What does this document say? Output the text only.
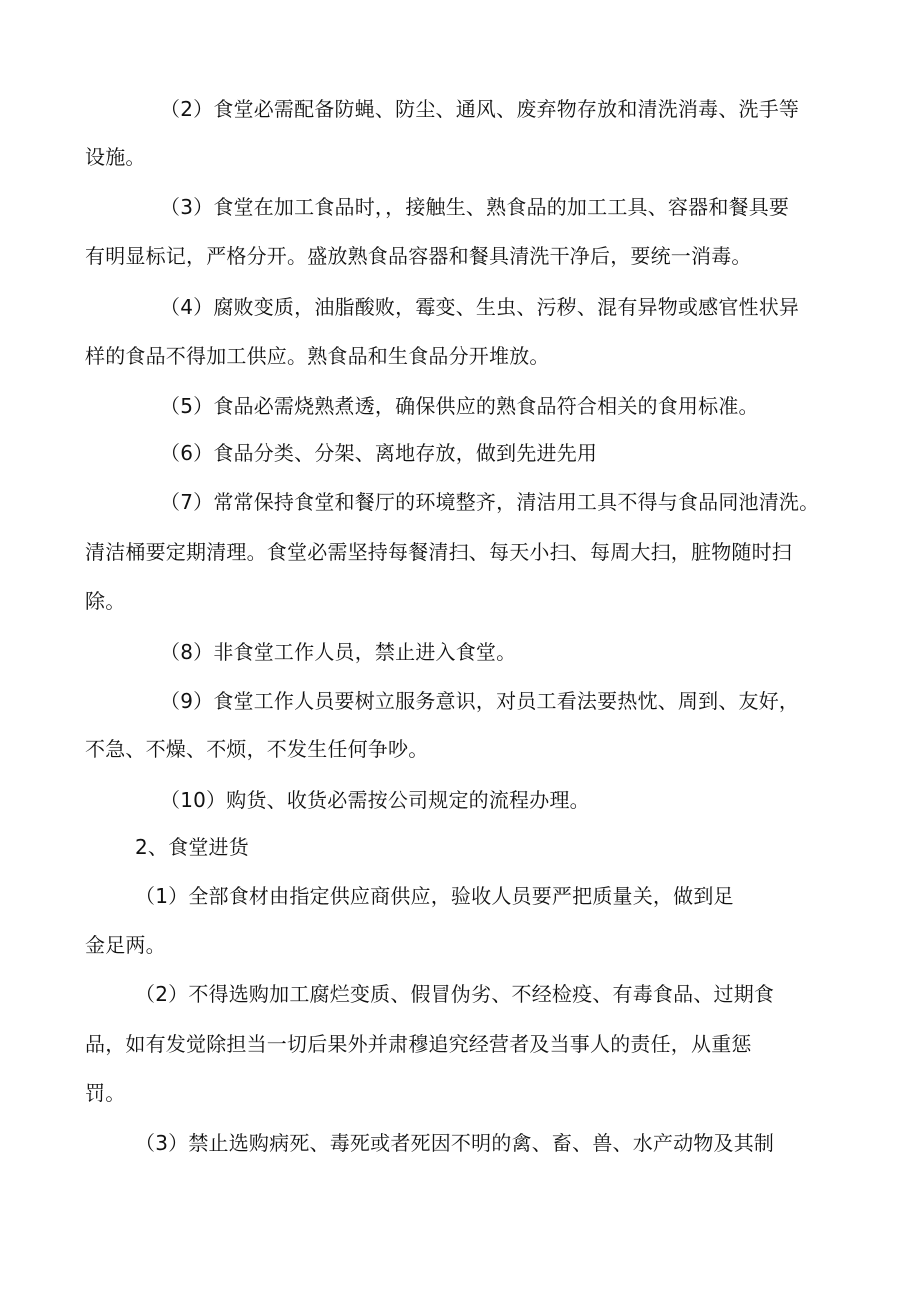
（2）食堂必需配备防蝇、防尘、通风、废弃物存放和清洗消毒、洗手等
设施。
（3）食堂在加工食品时，，接触生、熟食品的加工工具、容器和餐具要
有明显标记，严格分开。盛放熟食品容器和餐具清洗干净后，要统一消毒。
（4）腐败变质，油脂酸败，霉变、生虫、污秽、混有异物或感官性状异
样的食品不得加工供应。熟食品和生食品分开堆放。
（5）食品必需烧熟煮透，确保供应的熟食品符合相关的食用标准。
（6）食品分类、分架、离地存放，做到先进先用
（7）常常保持食堂和餐厅的环境整齐，清洁用工具不得与食品同池清洗。
清洁桶要定期清理。食堂必需坚持每餐清扫、每天小扫、每周大扫，脏物随时扫
除。
（8）非食堂工作人员，禁止进入食堂。
（9）食堂工作人员要树立服务意识，对员工看法要热忱、周到、友好，
不急、不燥、不烦，不发生任何争吵。
（10）购货、收货必需按公司规定的流程办理。
2、食堂进货
（1）全部食材由指定供应商供应，验收人员要严把质量关，做到足
金足两。
（2）不得选购加工腐烂变质、假冒伪劣、不经检疫、有毒食品、过期食
品，如有发觉除担当一切后果外并肃穆追究经营者及当事人的责任，从重惩
罚。
（3）禁止选购病死、毒死或者死因不明的禽、畜、兽、水产动物及其制
